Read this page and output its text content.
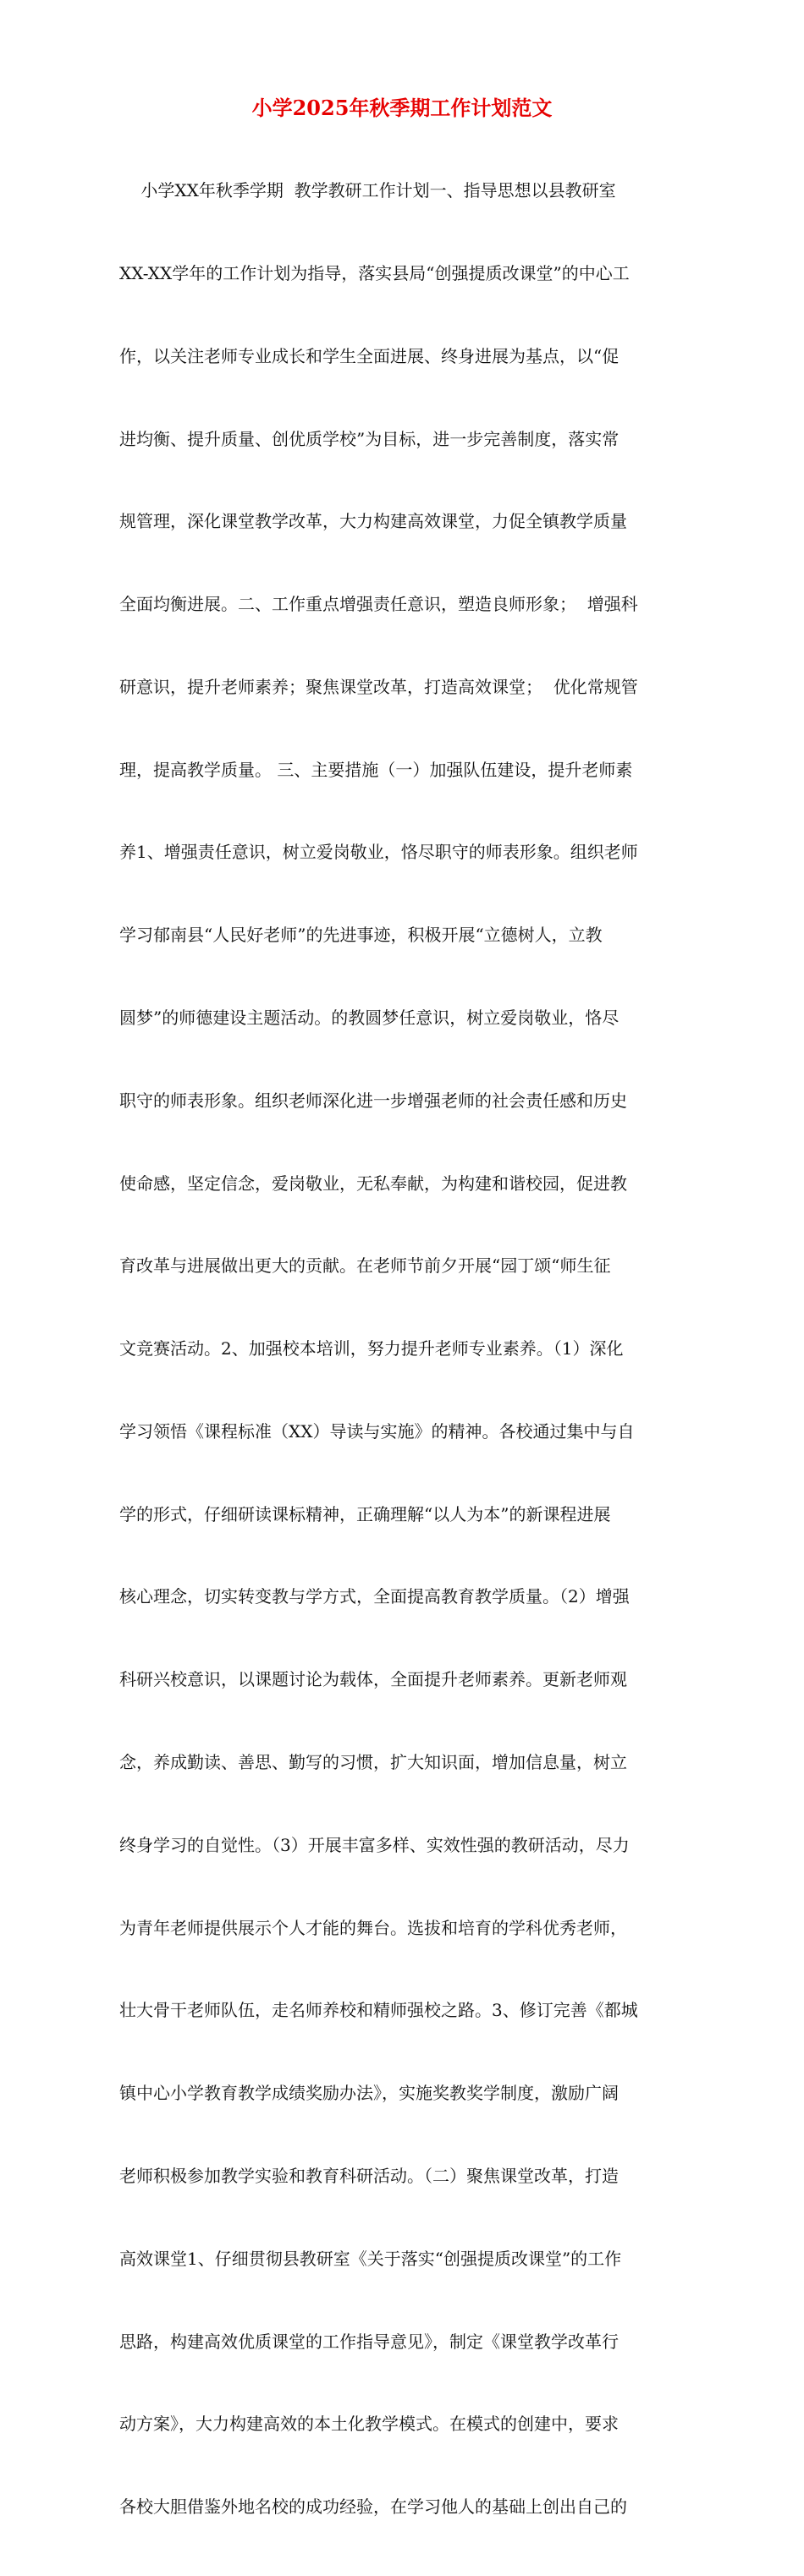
小学2025年秋季期工作计划范文

小学XX年秋季学期  教学教研工作计划一、指导思想以县教研室

XX-XX学年的工作计划为指导，落实县局“创强提质改课堂”的中心工

作，以关注老师专业成长和学生全面进展、终身进展为基点，以“促

进均衡、提升质量、创优质学校”为目标，进一步完善制度，落实常

规管理，深化课堂教学改革，大力构建高效课堂，力促全镇教学质量

全面均衡进展。二、工作重点增强责任意识，塑造良师形象；  增强科

研意识，提升老师素养；聚焦课堂改革，打造高效课堂；  优化常规管

理，提高教学质量。 三、主要措施（一）加强队伍建设，提升老师素

养1、增强责任意识，树立爱岗敬业，恪尽职守的师表形象。组织老师

学习郁南县“人民好老师”的先进事迹，积极开展“立德树人，立教

圆梦”的师德建设主题活动。的教圆梦任意识，树立爱岗敬业，恪尽

职守的师表形象。组织老师深化进一步增强老师的社会责任感和历史

使命感，坚定信念，爱岗敬业，无私奉献，为构建和谐校园，促进教

育改革与进展做出更大的贡献。在老师节前夕开展“园丁颂“师生征

文竞赛活动。2、加强校本培训，努力提升老师专业素养。（1）深化

学习领悟《课程标准（XX）导读与实施》的精神。各校通过集中与自

学的形式，仔细研读课标精神，正确理解“以人为本”的新课程进展

核心理念，切实转变教与学方式，全面提高教育教学质量。（2）增强

科研兴校意识，以课题讨论为载体，全面提升老师素养。更新老师观

念，养成勤读、善思、勤写的习惯，扩大知识面，增加信息量，树立

终身学习的自觉性。（3）开展丰富多样、实效性强的教研活动，尽力

为青年老师提供展示个人才能的舞台。选拔和培育的学科优秀老师，

壮大骨干老师队伍，走名师养校和精师强校之路。3、修订完善《都城

镇中心小学教育教学成绩奖励办法》，实施奖教奖学制度，激励广阔

老师积极参加教学实验和教育科研活动。（二）聚焦课堂改革，打造

高效课堂1、仔细贯彻县教研室《关于落实“创强提质改课堂”的工作

思路，构建高效优质课堂的工作指导意见》，制定《课堂教学改革行

动方案》，大力构建高效的本土化教学模式。在模式的创建中，要求

各校大胆借鉴外地名校的成功经验，在学习他人的基础上创出自己的
